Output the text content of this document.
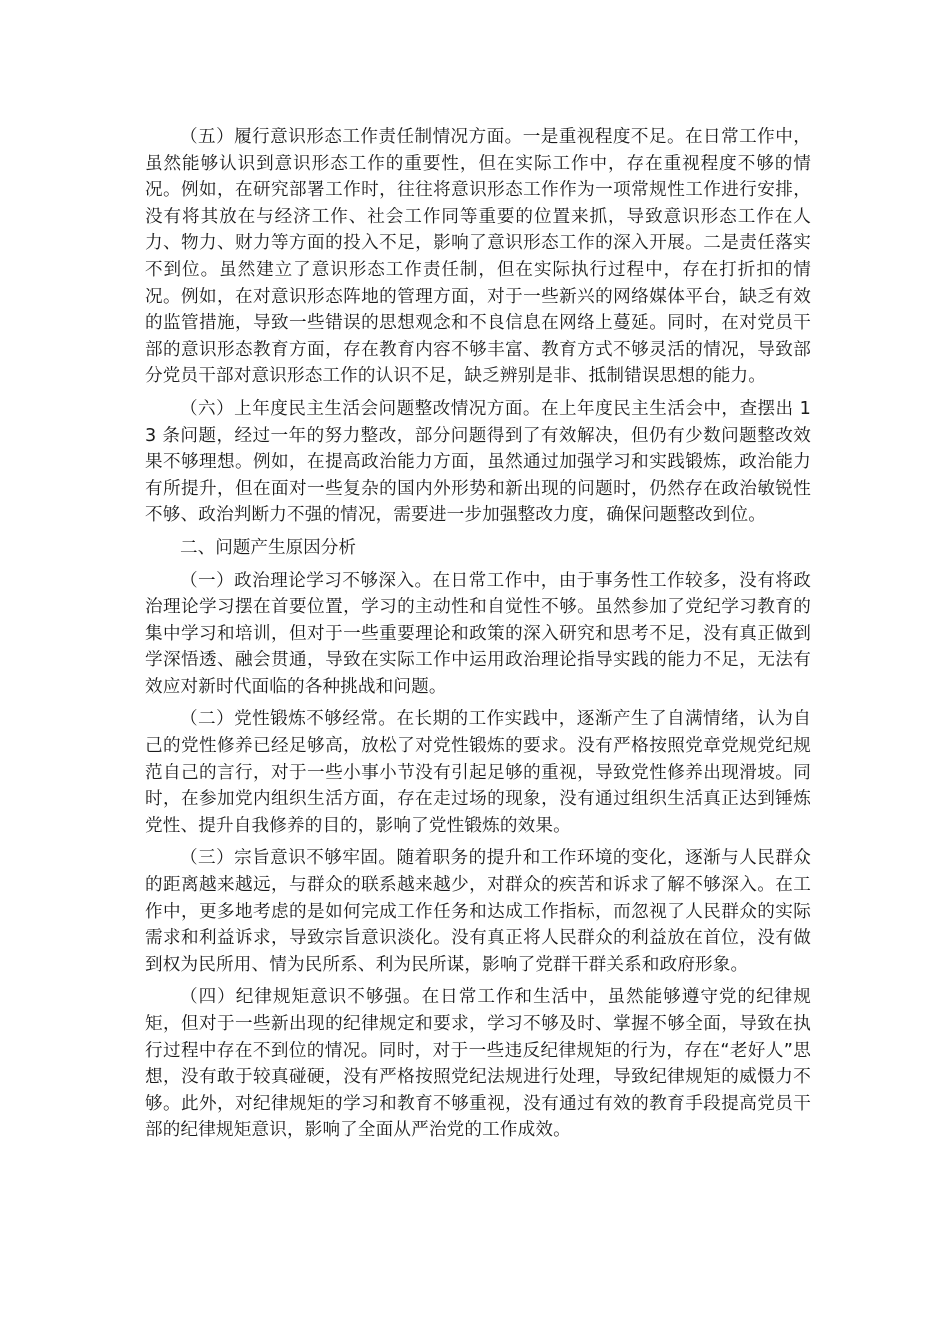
（五）履行意识形态工作责任制情况方面。一是重视程度不足。在日常工作中，虽然能够认识到意识形态工作的重要性，但在实际工作中，存在重视程度不够的情况。例如，在研究部署工作时，往往将意识形态工作作为一项常规性工作进行安排，没有将其放在与经济工作、社会工作同等重要的位置来抓，导致意识形态工作在人力、物力、财力等方面的投入不足，影响了意识形态工作的深入开展。二是责任落实不到位。虽然建立了意识形态工作责任制，但在实际执行过程中，存在打折扣的情况。例如，在对意识形态阵地的管理方面，对于一些新兴的网络媒体平台，缺乏有效的监管措施，导致一些错误的思想观念和不良信息在网络上蔓延。同时，在对党员干部的意识形态教育方面，存在教育内容不够丰富、教育方式不够灵活的情况，导致部分党员干部对意识形态工作的认识不足，缺乏辨别是非、抵制错误思想的能力。

（六）上年度民主生活会问题整改情况方面。在上年度民主生活会中，查摆出 13 条问题，经过一年的努力整改，部分问题得到了有效解决，但仍有少数问题整改效果不够理想。例如，在提高政治能力方面，虽然通过加强学习和实践锻炼，政治能力有所提升，但在面对一些复杂的国内外形势和新出现的问题时，仍然存在政治敏锐性不够、政治判断力不强的情况，需要进一步加强整改力度，确保问题整改到位。

二、问题产生原因分析

（一）政治理论学习不够深入。在日常工作中，由于事务性工作较多，没有将政治理论学习摆在首要位置，学习的主动性和自觉性不够。虽然参加了党纪学习教育的集中学习和培训，但对于一些重要理论和政策的深入研究和思考不足，没有真正做到学深悟透、融会贯通，导致在实际工作中运用政治理论指导实践的能力不足，无法有效应对新时代面临的各种挑战和问题。

（二）党性锻炼不够经常。在长期的工作实践中，逐渐产生了自满情绪，认为自己的党性修养已经足够高，放松了对党性锻炼的要求。没有严格按照党章党规党纪规范自己的言行，对于一些小事小节没有引起足够的重视，导致党性修养出现滑坡。同时，在参加党内组织生活方面，存在走过场的现象，没有通过组织生活真正达到锤炼党性、提升自我修养的目的，影响了党性锻炼的效果。

（三）宗旨意识不够牢固。随着职务的提升和工作环境的变化，逐渐与人民群众的距离越来越远，与群众的联系越来越少，对群众的疾苦和诉求了解不够深入。在工作中，更多地考虑的是如何完成工作任务和达成工作指标，而忽视了人民群众的实际需求和利益诉求，导致宗旨意识淡化。没有真正将人民群众的利益放在首位，没有做到权为民所用、情为民所系、利为民所谋，影响了党群干群关系和政府形象。

（四）纪律规矩意识不够强。在日常工作和生活中，虽然能够遵守党的纪律规矩，但对于一些新出现的纪律规定和要求，学习不够及时、掌握不够全面，导致在执行过程中存在不到位的情况。同时，对于一些违反纪律规矩的行为，存在“老好人”思想，没有敢于较真碰硬，没有严格按照党纪法规进行处理，导致纪律规矩的威慑力不够。此外，对纪律规矩的学习和教育不够重视，没有通过有效的教育手段提高党员干部的纪律规矩意识，影响了全面从严治党的工作成效。
